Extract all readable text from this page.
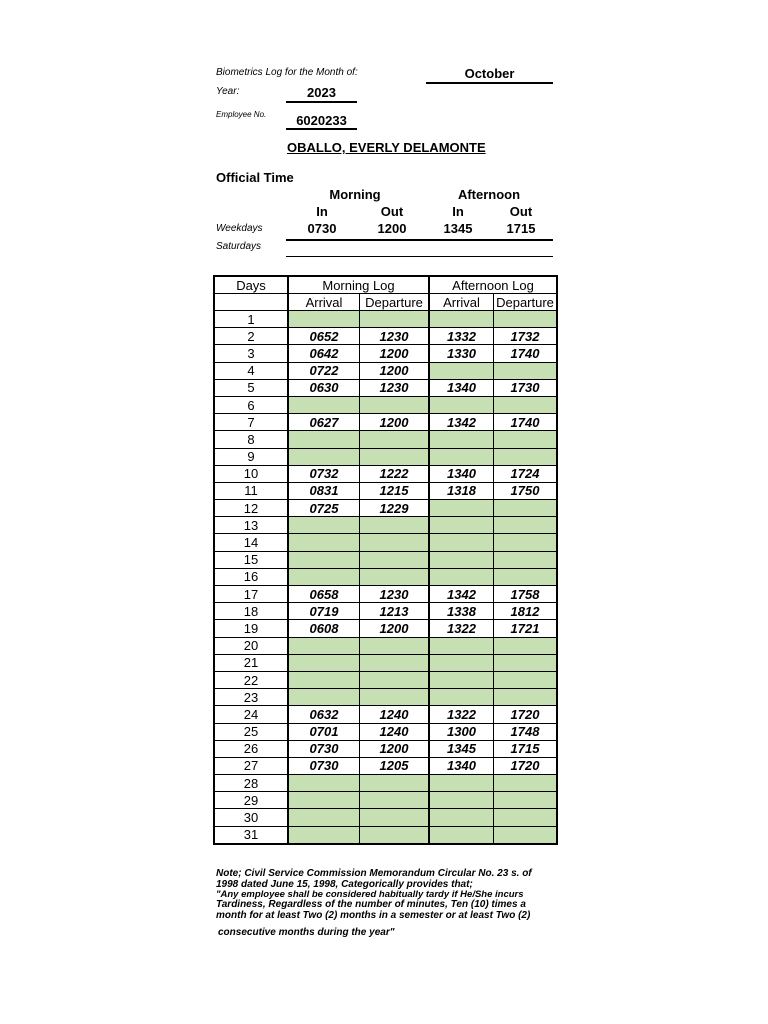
Biometrics Log for the Month of:	October
Year:	2023
Employee No.	6020233
OBALLO, EVERLY DELAMONTE
Official Time
Morning	Afternoon
In	Out	In	Out
Weekdays	0730	1200	1345	1715
Saturdays
Days	Morning Log		Afternoon Log	
	Arrival	Departure	Arrival	Departure
1				
2	0652	1230	1332	1732
3	0642	1200	1330	1740
4	0722	1200		
5	0630	1230	1340	1730
6				
7	0627	1200	1342	1740
8				
9				
10	0732	1222	1340	1724
11	0831	1215	1318	1750
12	0725	1229		
13				
14				
15				
16				
17	0658	1230	1342	1758
18	0719	1213	1338	1812
19	0608	1200	1322	1721
20				
21				
22				
23				
24	0632	1240	1322	1720
25	0701	1240	1300	1748
26	0730	1200	1345	1715
27	0730	1205	1340	1720
28				
29				
30				
31				
Note; Civil Service Commission Memorandum Circular No. 23 s. of
1998 dated June 15, 1998, Categorically provides that;
"Any employee shall be considered habitually tardy if He/She incurs
Tardiness, Regardless of the number of minutes, Ten (10) times a
month for at least Two (2) months in a semester or at least Two (2)
consecutive months during the year"
